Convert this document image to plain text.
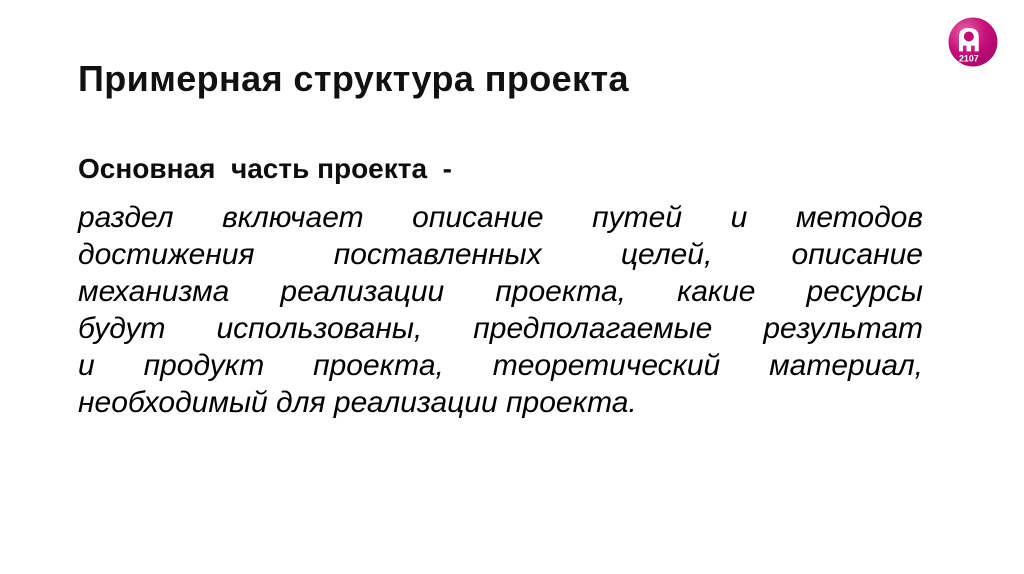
2107
Примерная структура проекта
Основная  часть проекта  -
раздел включает описание путей и методов
достижения поставленных целей, описание
механизма реализации проекта, какие ресурсы
будут использованы, предполагаемые результат
и продукт проекта, теоретический материал,
необходимый для реализации проекта.
